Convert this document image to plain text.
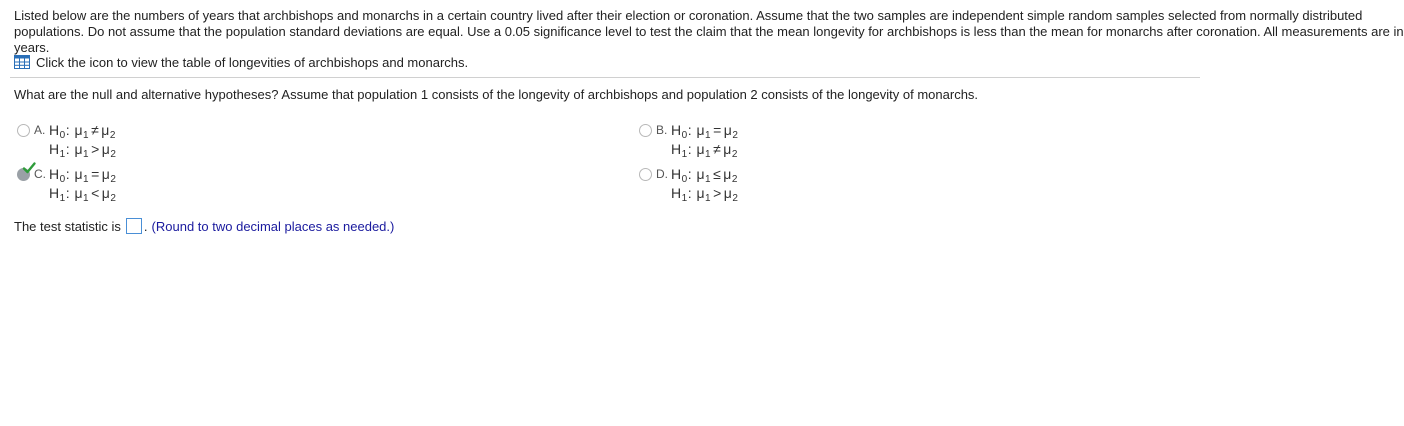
Listed below are the numbers of years that archbishops and monarchs in a certain country lived after their election or coronation. Assume that the two samples are independent simple random samples selected from normally distributed
populations. Do not assume that the population standard deviations are equal. Use a 0.05 significance level to test the claim that the mean longevity for archbishops is less than the mean for monarchs after coronation. All measurements are in
years.
Click the icon to view the table of longevities of archbishops and monarchs.
What are the null and alternative hypotheses? Assume that population 1 consists of the longevity of archbishops and population 2 consists of the longevity of monarchs.
A. $H_0$: $\mu_1 \ne \mu_2$
$H_1$: $\mu_1 > \mu_2$
B. $H_0$: $\mu_1 = \mu_2$
$H_1$: $\mu_1 \ne \mu_2$
C. $H_0$: $\mu_1 = \mu_2$
$H_1$: $\mu_1 < \mu_2$
D. $H_0$: $\mu_1 \le \mu_2$
$H_1$: $\mu_1 > \mu_2$
The test statistic is . (Round to two decimal places as needed.)
